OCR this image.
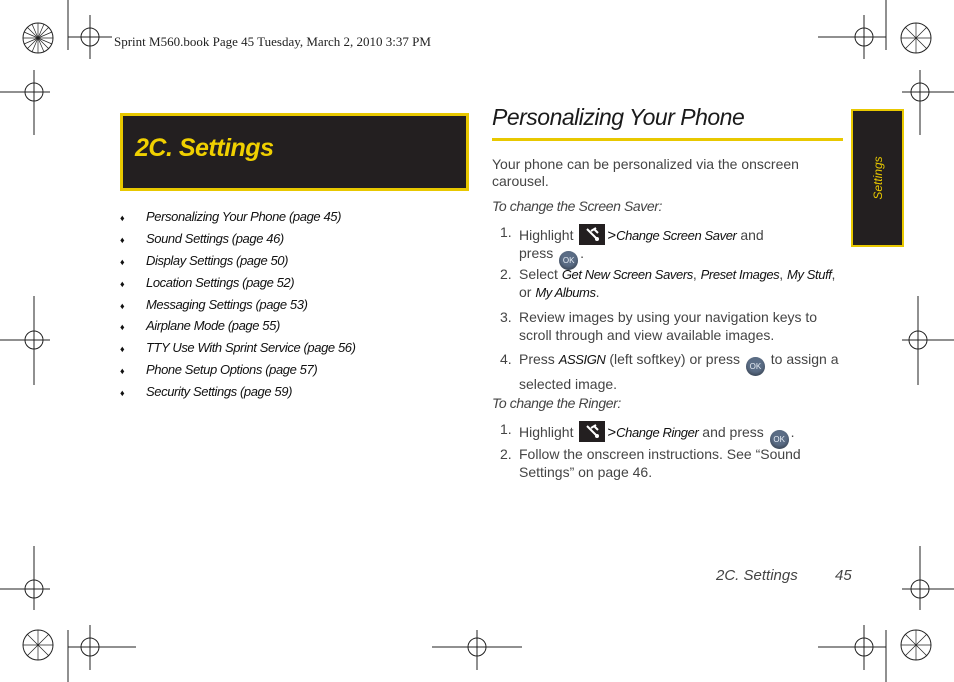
Sprint M560.book Page 45 Tuesday, March 2, 2010 3:37 PM
2C. Settings
♦ Personalizing Your Phone (page 45)
♦ Sound Settings (page 46)
♦ Display Settings (page 50)
♦ Location Settings (page 52)
♦ Messaging Settings (page 53)
♦ Airplane Mode (page 55)
♦ TTY Use With Sprint Service (page 56)
♦ Phone Setup Options (page 57)
♦ Security Settings (page 59)
Personalizing Your Phone
Your phone can be personalized via the onscreen carousel.
To change the Screen Saver:
1. Highlight >Change Screen Saver and
press OK .
2. Select Get New Screen Savers, Preset Images, My Stuff,
or My Albums.
3. Review images by using your navigation keys to scroll through and view available images.
4. Press ASSIGN (left softkey) or press OK to assign a selected image.
To change the Ringer:
1. Highlight >Change Ringer and press OK .
2. Follow the onscreen instructions. See “Sound Settings” on page 46.
Settings
2C. Settings 45
